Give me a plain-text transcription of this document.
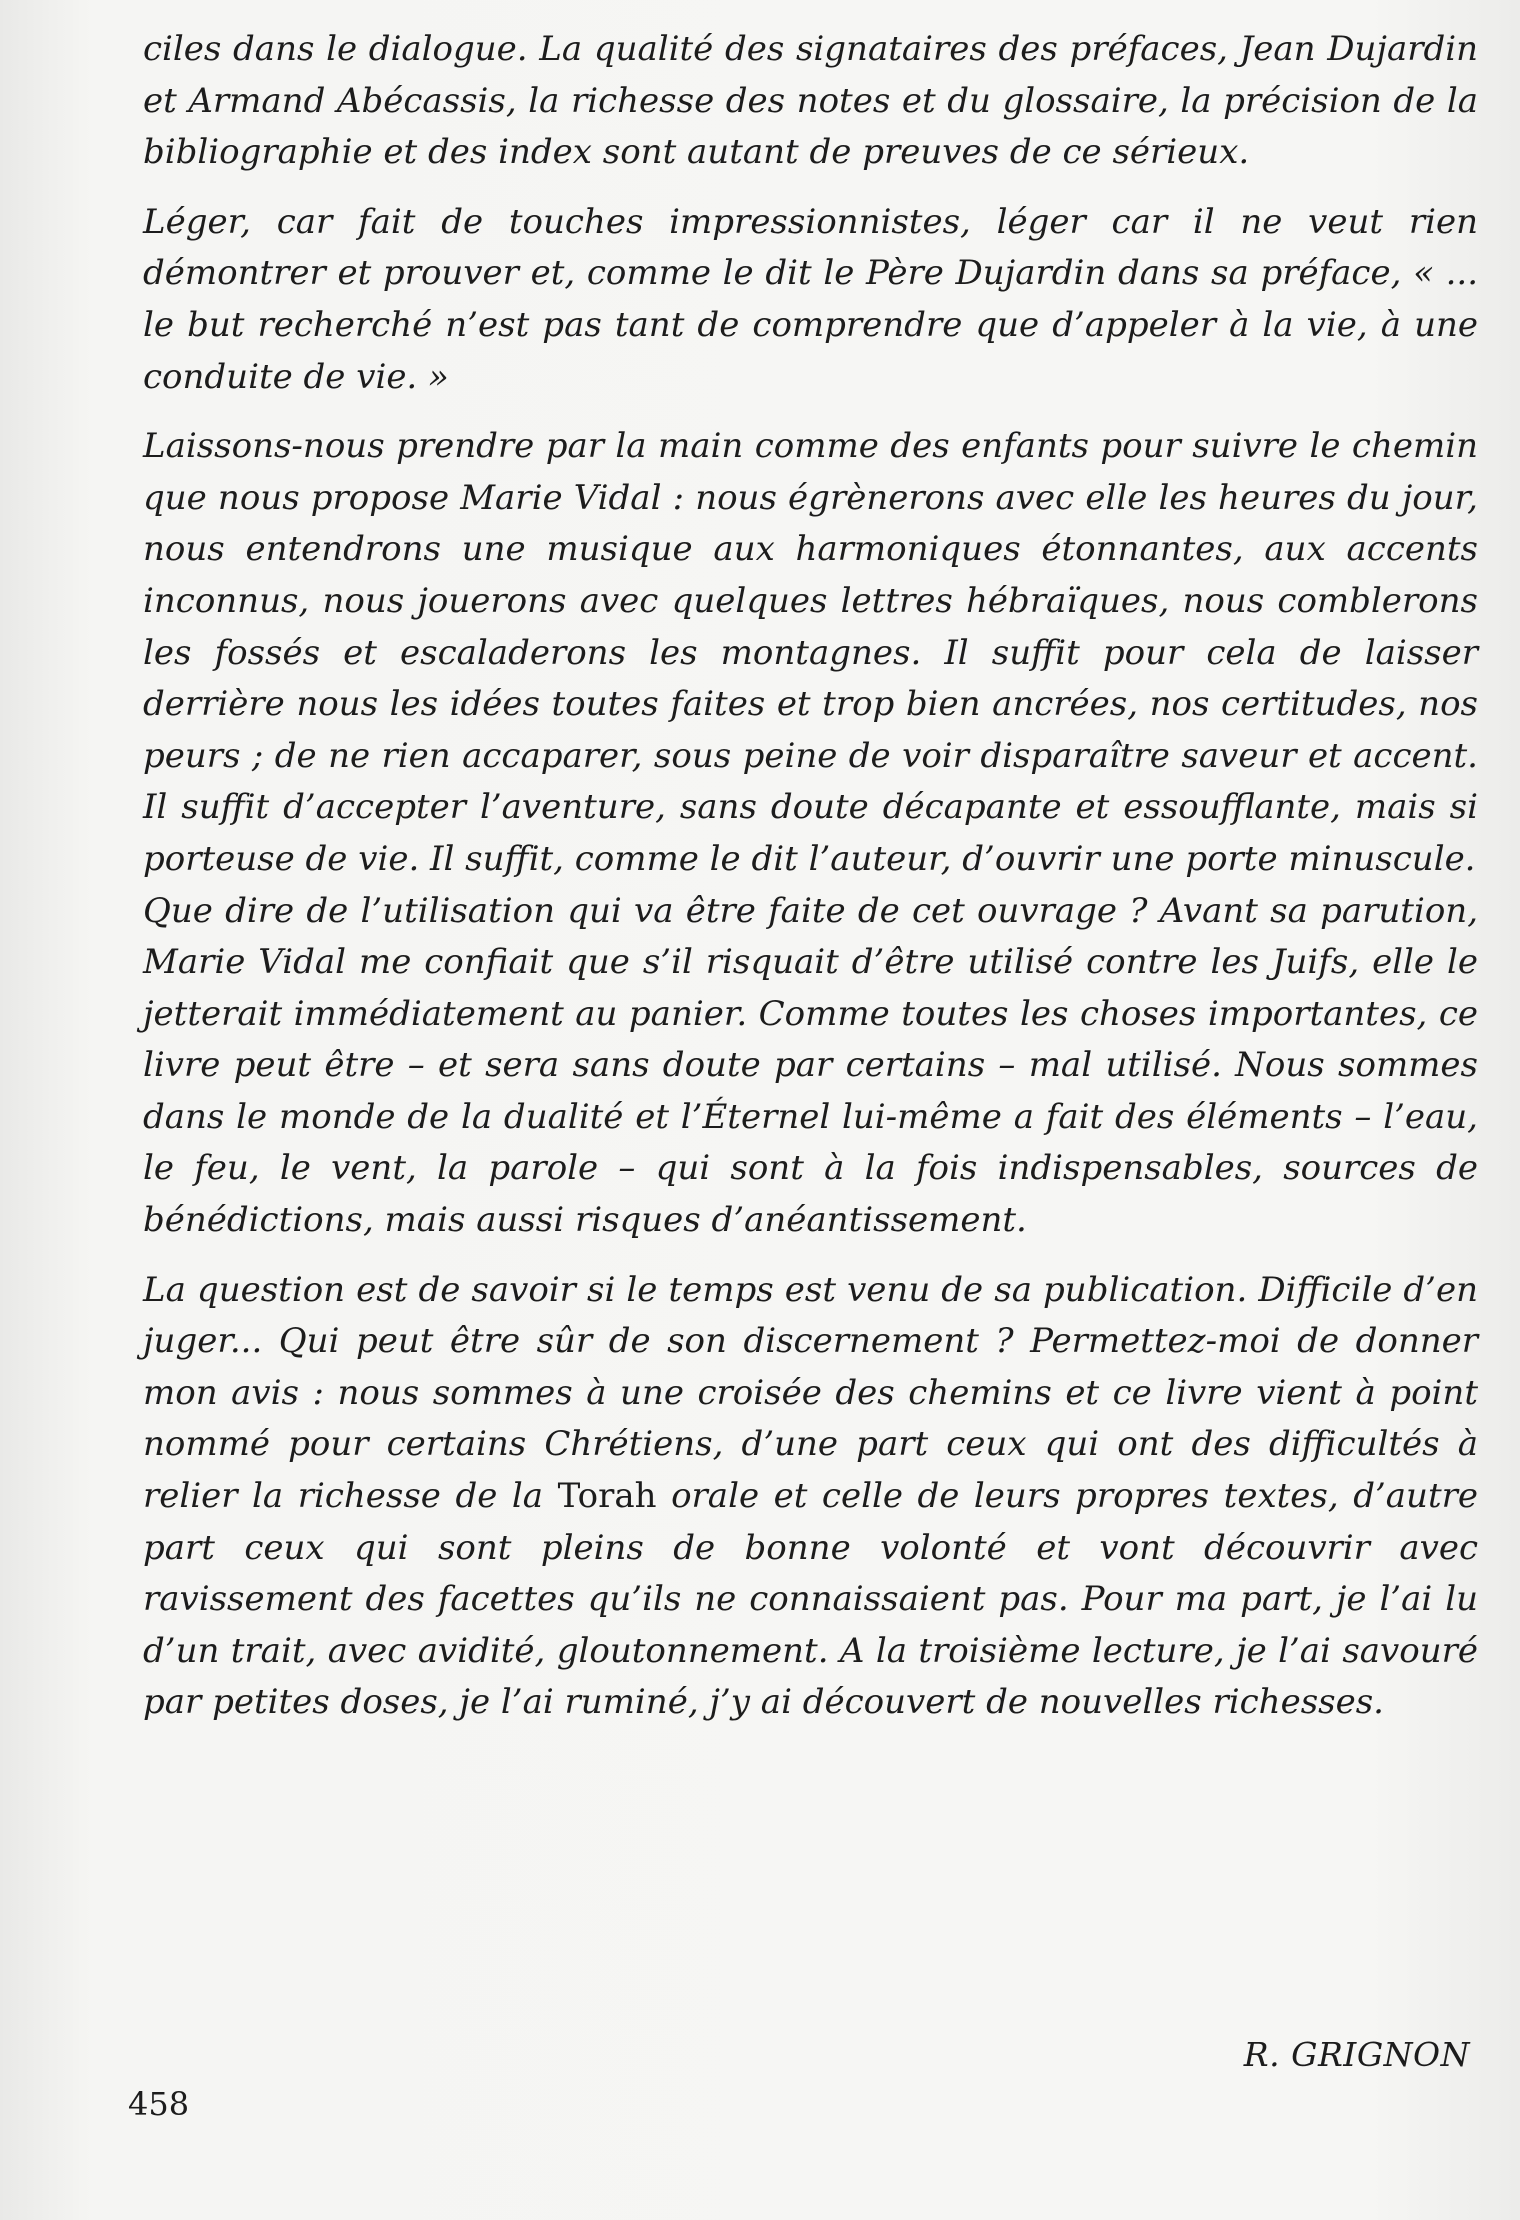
ciles dans le dialogue. La qualité des signataires des préfaces, Jean Dujardin et Armand Abécassis, la richesse des notes et du glossaire, la précision de la bibliographie et des index sont autant de preuves de ce sérieux.

Léger, car fait de touches impressionnistes, léger car il ne veut rien démontrer et prouver et, comme le dit le Père Dujardin dans sa préface, « ... le but recherché n’est pas tant de comprendre que d’appeler à la vie, à une conduite de vie. »

Laissons-nous prendre par la main comme des enfants pour suivre le chemin que nous propose Marie Vidal : nous égrènerons avec elle les heures du jour, nous entendrons une musique aux harmoniques étonnantes, aux accents inconnus, nous jouerons avec quelques lettres hébraïques, nous comblerons les fossés et escaladerons les montagnes. Il suffit pour cela de laisser derrière nous les idées toutes faites et trop bien ancrées, nos certitudes, nos peurs ; de ne rien accaparer, sous peine de voir disparaître saveur et accent. Il suffit d’accepter l’aventure, sans doute décapante et essoufflante, mais si porteuse de vie. Il suffit, comme le dit l’auteur, d’ouvrir une porte minuscule.

Que dire de l’utilisation qui va être faite de cet ouvrage ? Avant sa parution, Marie Vidal me confiait que s’il risquait d’être utilisé contre les Juifs, elle le jetterait immédiatement au panier. Comme toutes les choses importantes, ce livre peut être – et sera sans doute par certains – mal utilisé. Nous sommes dans le monde de la dualité et l’Éternel lui-même a fait des éléments – l’eau, le feu, le vent, la parole – qui sont à la fois indispensables, sources de bénédictions, mais aussi risques d’anéantissement.

La question est de savoir si le temps est venu de sa publication. Difficile d’en juger... Qui peut être sûr de son discernement ? Permettez-moi de donner mon avis : nous sommes à une croisée des chemins et ce livre vient à point nommé pour certains Chrétiens, d’une part ceux qui ont des difficultés à relier la richesse de la Torah orale et celle de leurs propres textes, d’autre part ceux qui sont pleins de bonne volonté et vont découvrir avec ravissement des facettes qu’ils ne connaissaient pas. Pour ma part, je l’ai lu d’un trait, avec avidité, gloutonnement. A la troisième lecture, je l’ai savouré par petites doses, je l’ai ruminé, j’y ai découvert de nouvelles richesses.

R. GRIGNON
458
